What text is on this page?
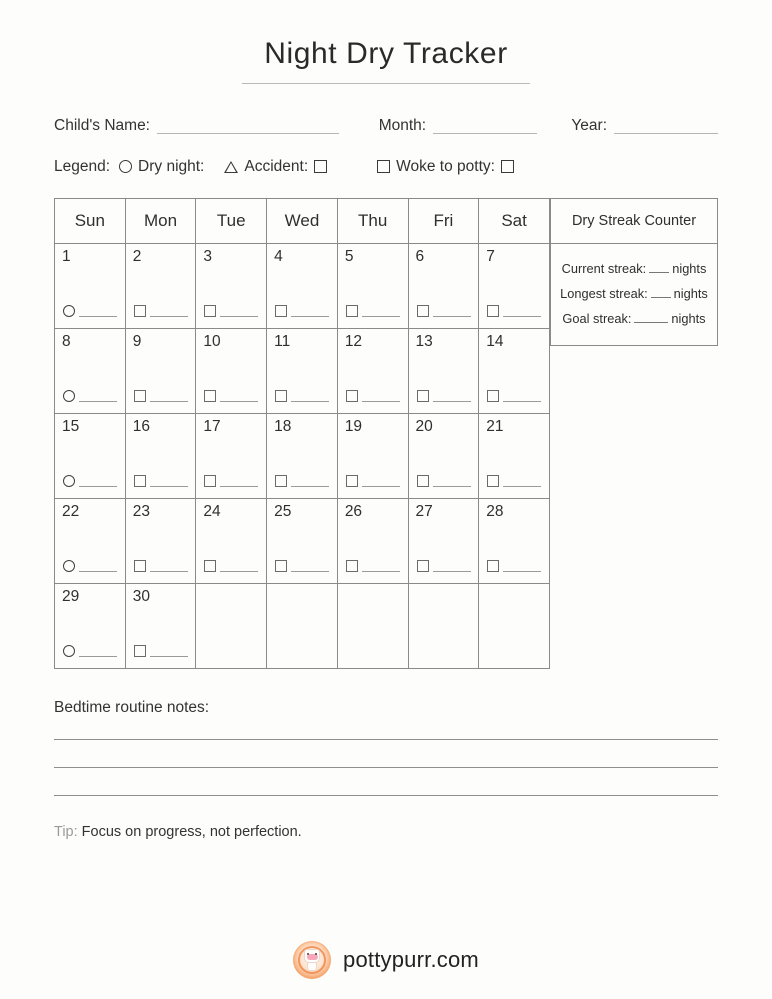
Night Dry Tracker
Child's Name:	Month:	Year:
Legend: Dry night:	Accident:	Woke to potty:
Sun	Mon	Tue	Wed	Thu	Fri	Sat

1	2	3	4	5	6	7

8	9	10	11	12	13	14

15	16	17	18	19	20	21

22	23	24	25	26	27	28

29	30					

Dry Streak Counter
Current streak: nights
Longest streak: nights
Goal streak:	nights
Bedtime routine notes:
Tip: Focus on progress, not perfection.
pottypurr.com
